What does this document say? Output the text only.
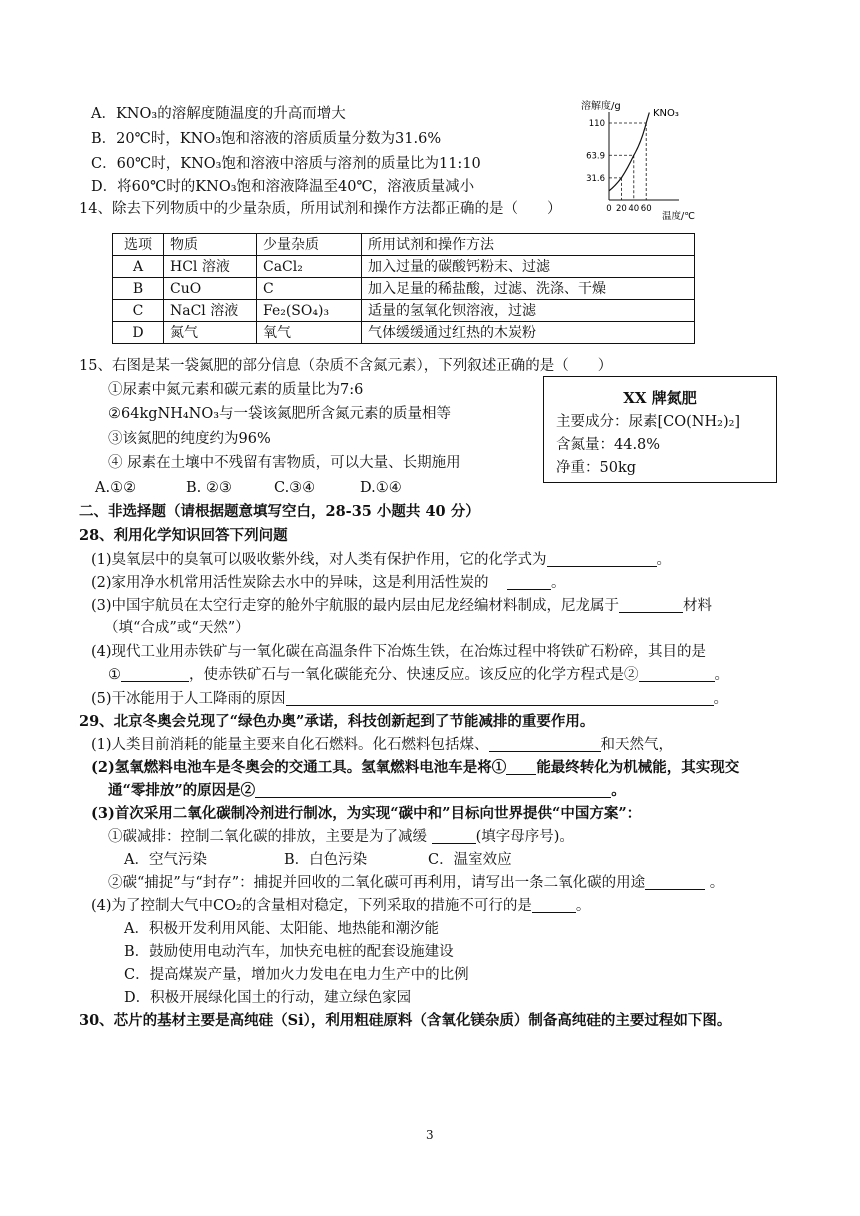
A．KNO₃的溶解度随温度的升高而增大
B．20℃时，KNO₃饱和溶液的溶质质量分数为31.6%
C．60℃时，KNO₃饱和溶液中溶质与溶剂的质量比为11:10
D．将60℃时的KNO₃饱和溶液降温至40℃，溶液质量减小
溶解度/g
KNO₃
温度/℃
31.6
63.9
110
0 20 40 60
14、除去下列物质中的少量杂质，所用试剂和操作方法都正确的是（　　）
选项	物质	少量杂质	所用试剂和操作方法
A	HCl 溶液	CaCl₂	加入过量的碳酸钙粉末、过滤
B	CuO	C	加入足量的稀盐酸，过滤、洗涤、干燥
C	NaCl 溶液	Fe₂(SO₄)₃	适量的氢氧化钡溶液，过滤
D	氮气	氧气	气体缓缓通过红热的木炭粉
15、右图是某一袋氮肥的部分信息（杂质不含氮元素），下列叙述正确的是（　　）
①尿素中氮元素和碳元素的质量比为7:6
②64kgNH₄NO₃与一袋该氮肥所含氮元素的质量相等
③该氮肥的纯度约为96%
④ 尿素在土壤中不残留有害物质，可以大量、长期施用
A.①②	B. ②③	C.③④	D.①④
XX 牌氮肥
主要成分：尿素[CO(NH₂)₂]
含氮量：44.8%
净重：50kg
二、非选择题（请根据题意填写空白，28-35 小题共 40 分）
28、利用化学知识回答下列问题
(1)臭氧层中的臭氧可以吸收紫外线，对人类有保护作用，它的化学式为	。
(2)家用净水机常用活性炭除去水中的异味，这是利用活性炭的	。
(3)中国宇航员在太空行走穿的舱外宇航服的最内层由尼龙经编材料制成，尼龙属于	材料
（填“合成”或“天然”）
(4)现代工业用赤铁矿与一氧化碳在高温条件下冶炼生铁，在冶炼过程中将铁矿石粉碎，其目的是
①	，使赤铁矿石与一氧化碳能充分、快速反应。该反应的化学方程式是②	。
(5)干冰能用于人工降雨的原因	。
29、北京冬奥会兑现了“绿色办奥”承诺，科技创新起到了节能减排的重要作用。
(1)人类目前消耗的能量主要来自化石燃料。化石燃料包括煤、	和天然气，
(2)氢氧燃料电池车是冬奥会的交通工具。氢氧燃料电池车是将① 能最终转化为机械能，其实现交
通“零排放”的原因是②	。
(3)首次采用二氧化碳制冷剂进行制冰，为实现“碳中和”目标向世界提供“中国方案”：
①碳减排：控制二氧化碳的排放，主要是为了减缓	(填字母序号)。
A．空气污染	B．白色污染	C．温室效应
②碳“捕捉”与“封存”：捕捉并回收的二氧化碳可再利用，请写出一条二氧化碳的用途	。
(4)为了控制大气中CO₂的含量相对稳定，下列采取的措施不可行的是	。
A．积极开发利用风能、太阳能、地热能和潮汐能
B．鼓励使用电动汽车，加快充电桩的配套设施建设
C．提高煤炭产量，增加火力发电在电力生产中的比例
D．积极开展绿化国土的行动，建立绿色家园
30、芯片的基材主要是高纯硅（Si），利用粗硅原料（含氧化镁杂质）制备高纯硅的主要过程如下图。
3
